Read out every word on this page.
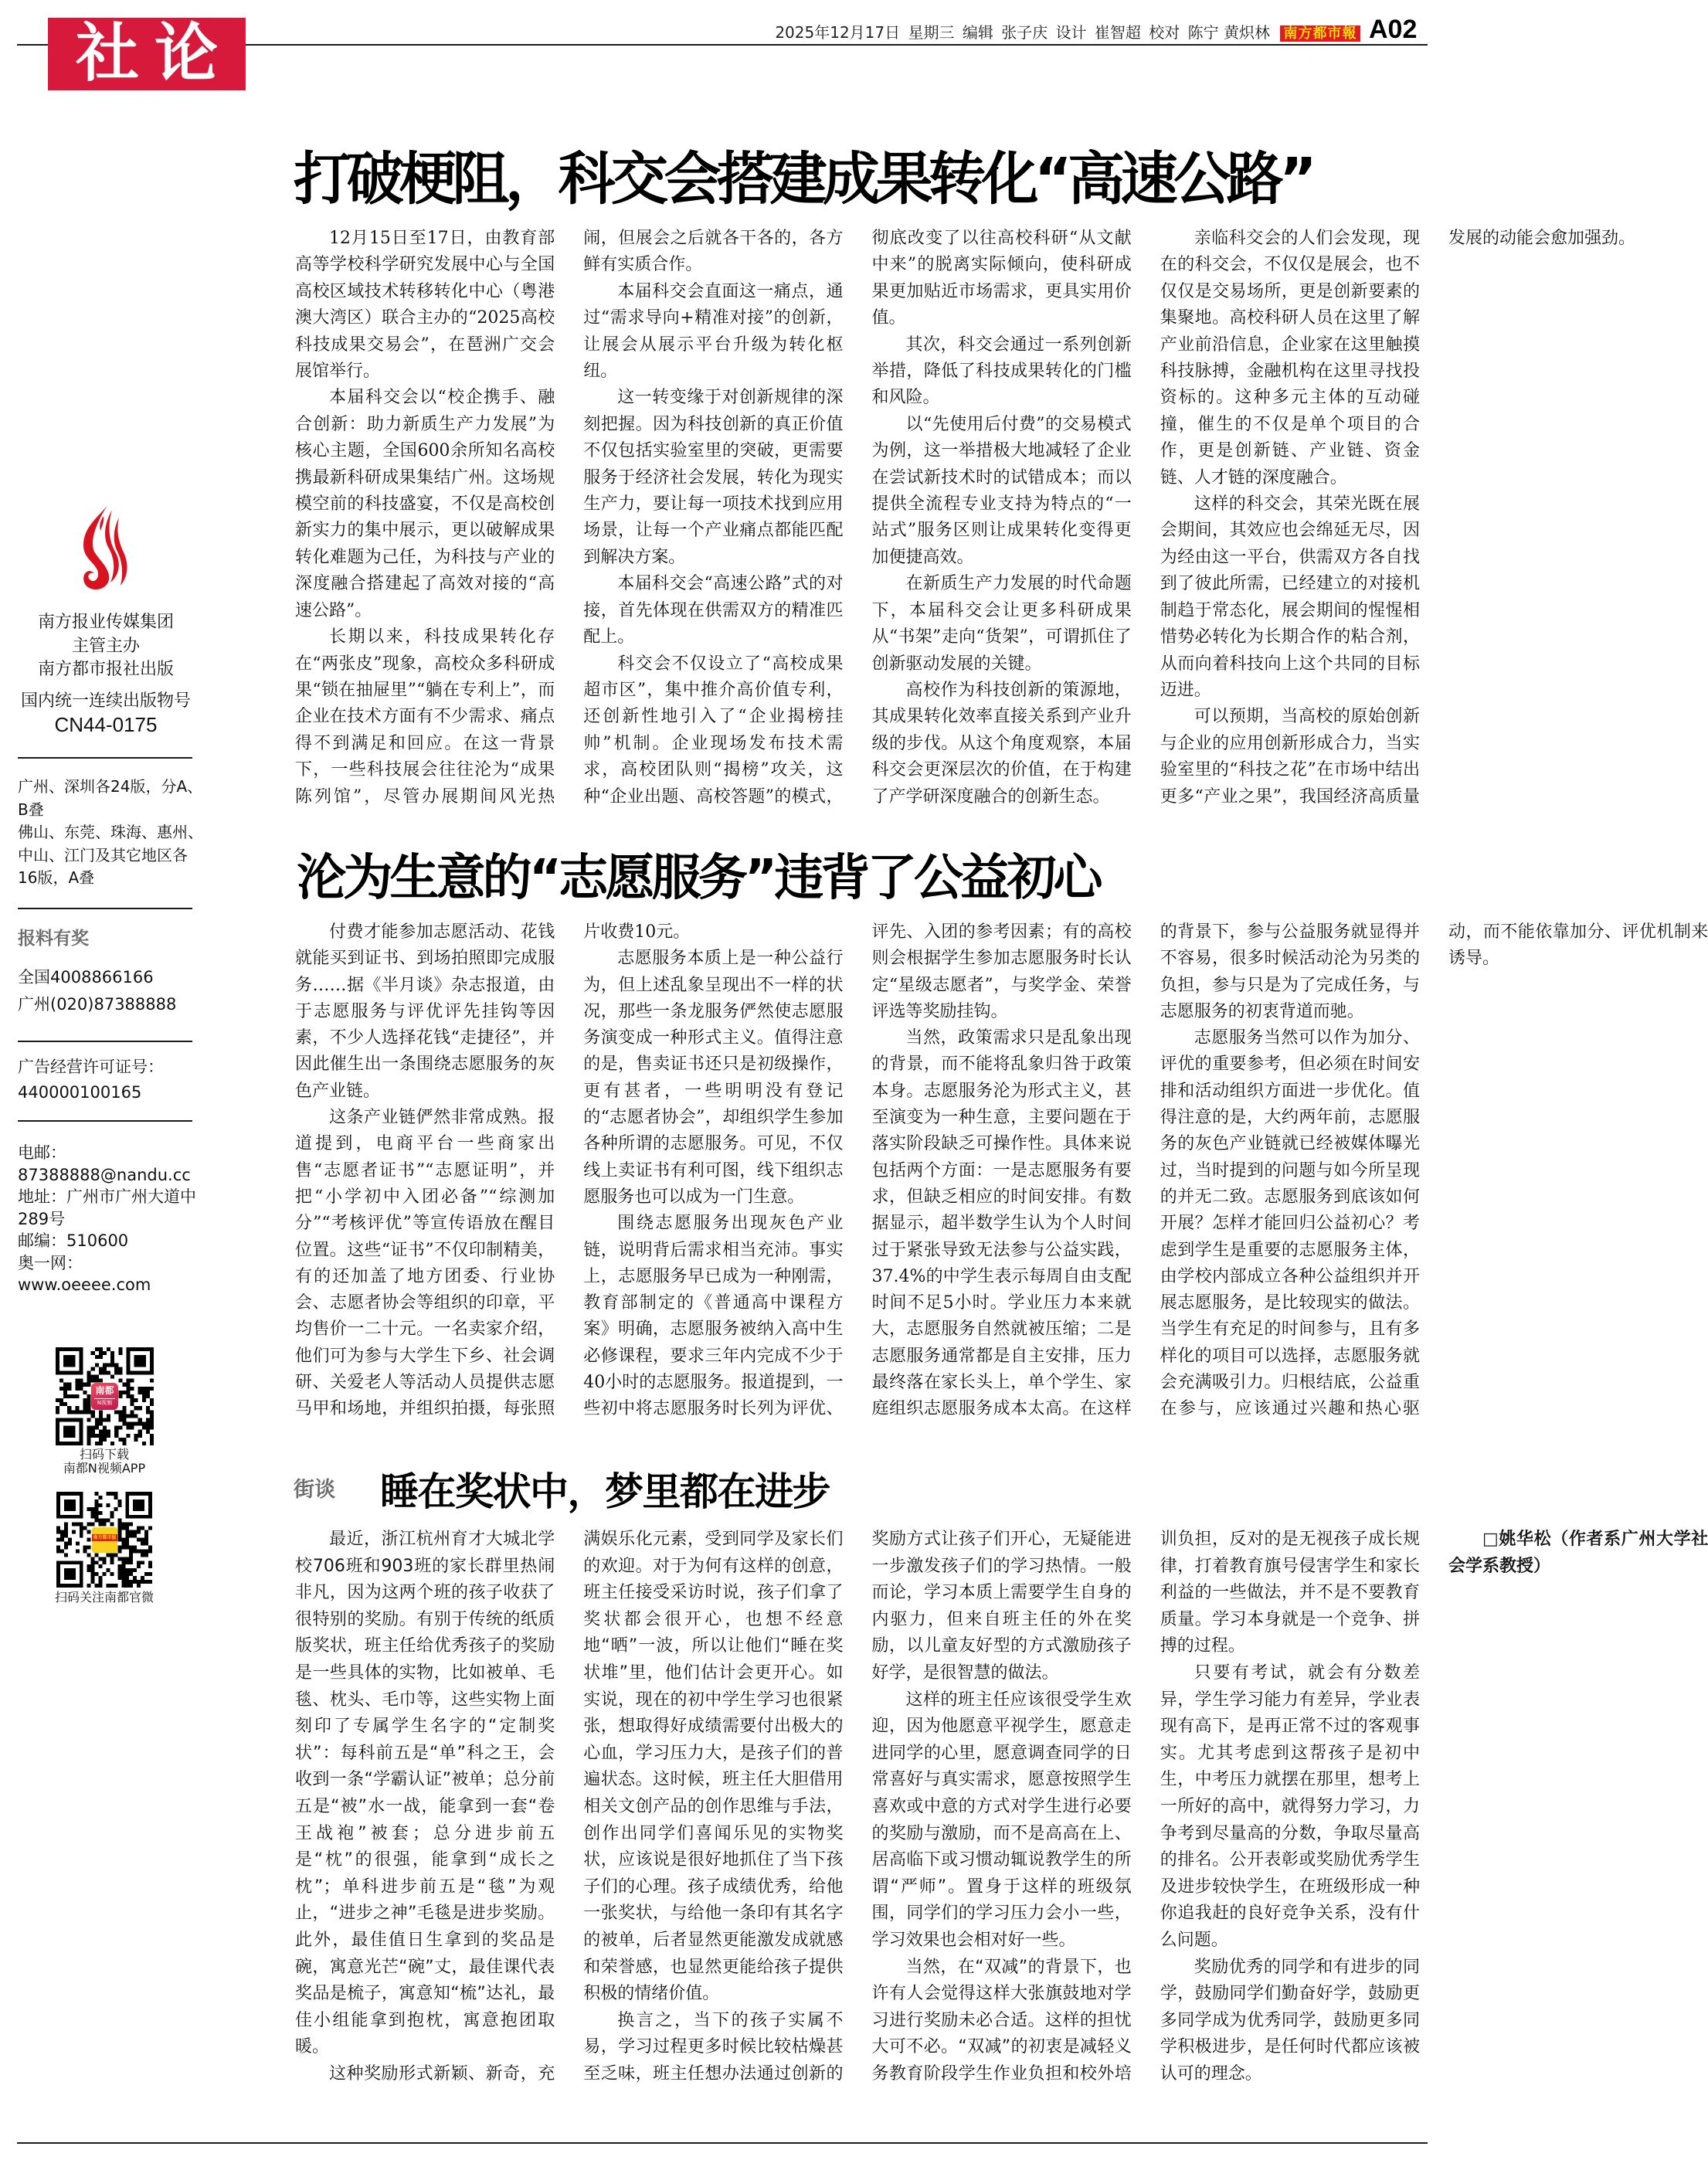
社论	2025年12月17日 星期三 编辑 张子庆 设计 崔智超 校对 陈宁 黄炽林 南方都市報 A02
南方报业传媒集团
主管主办
南方都市报社出版
国内统一连续出版物号
CN44-0175
广州、深圳各24版，分A、B叠
佛山、东莞、珠海、惠州、中山、江门及其它地区各16版，A叠
报料有奖
全国4008866166
广州(020)87388888
广告经营许可证号：440000100165
电邮：87388888@nandu.cc
地址：广州市广州大道中289号
邮编：510600
奥一网：www.oeeee.com
南都
N视频
扫码下载
南都N视频APP
南方都市报
扫码关注南都官微
打破梗阻，科交会搭建成果转化“高速公路”

12月15日至17日，由教育部高等学校科学研究发展中心与全国高校区域技术转移转化中心（粤港澳大湾区）联合主办的“2025高校科技成果交易会”，在琶洲广交会展馆举行。

本届科交会以“校企携手、融合创新：助力新质生产力发展”为核心主题，全国600余所知名高校携最新科研成果集结广州。这场规模空前的科技盛宴，不仅是高校创新实力的集中展示，更以破解成果转化难题为己任，为科技与产业的深度融合搭建起了高效对接的“高速公路”。

长期以来，科技成果转化存在“两张皮”现象，高校众多科研成果“锁在抽屉里”“躺在专利上”，而企业在技术方面有不少需求、痛点得不到满足和回应。在这一背景下，一些科技展会往往沦为“成果陈列馆”，尽管办展期间风光热闹，但展会之后就各干各的，各方鲜有实质合作。

本届科交会直面这一痛点，通过“需求导向+精准对接”的创新，让展会从展示平台升级为转化枢纽。

这一转变缘于对创新规律的深刻把握。因为科技创新的真正价值不仅包括实验室里的突破，更需要服务于经济社会发展，转化为现实生产力，要让每一项技术找到应用场景，让每一个产业痛点都能匹配到解决方案。

本届科交会“高速公路”式的对接，首先体现在供需双方的精准匹配上。

科交会不仅设立了“高校成果超市区”，集中推介高价值专利，还创新性地引入了“企业揭榜挂帅”机制。企业现场发布技术需求，高校团队则“揭榜”攻关，这种“企业出题、高校答题”的模式，彻底改变了以往高校科研“从文献中来”的脱离实际倾向，使科研成果更加贴近市场需求，更具实用价值。

其次，科交会通过一系列创新举措，降低了科技成果转化的门槛和风险。

以“先使用后付费”的交易模式为例，这一举措极大地减轻了企业在尝试新技术时的试错成本；而以提供全流程专业支持为特点的“一站式”服务区则让成果转化变得更加便捷高效。

在新质生产力发展的时代命题下，本届科交会让更多科研成果从“书架”走向“货架”，可谓抓住了创新驱动发展的关键。

高校作为科技创新的策源地，其成果转化效率直接关系到产业升级的步伐。从这个角度观察，本届科交会更深层次的价值，在于构建了产学研深度融合的创新生态。

亲临科交会的人们会发现，现在的科交会，不仅仅是展会，也不仅仅是交易场所，更是创新要素的集聚地。高校科研人员在这里了解产业前沿信息，企业家在这里触摸科技脉搏，金融机构在这里寻找投资标的。这种多元主体的互动碰撞，催生的不仅是单个项目的合作，更是创新链、产业链、资金链、人才链的深度融合。

这样的科交会，其荣光既在展会期间，其效应也会绵延无尽，因为经由这一平台，供需双方各自找到了彼此所需，已经建立的对接机制趋于常态化，展会期间的惺惺相惜势必转化为长期合作的粘合剂，从而向着科技向上这个共同的目标迈进。

可以预期，当高校的原始创新与企业的应用创新形成合力，当实验室里的“科技之花”在市场中结出更多“产业之果”，我国经济高质量发展的动能会愈加强劲。

沦为生意的“志愿服务”违背了公益初心

付费才能参加志愿活动、花钱就能买到证书、到场拍照即完成服务……据《半月谈》杂志报道，由于志愿服务与评优评先挂钩等因素，不少人选择花钱“走捷径”，并因此催生出一条围绕志愿服务的灰色产业链。

这条产业链俨然非常成熟。报道提到，电商平台一些商家出售“志愿者证书”“志愿证明”，并把“小学初中入团必备”“综测加分”“考核评优”等宣传语放在醒目位置。这些“证书”不仅印制精美，有的还加盖了地方团委、行业协会、志愿者协会等组织的印章，平均售价一二十元。一名卖家介绍，他们可为参与大学生下乡、社会调研、关爱老人等活动人员提供志愿马甲和场地，并组织拍摄，每张照片收费10元。

志愿服务本质上是一种公益行为，但上述乱象呈现出不一样的状况，那些一条龙服务俨然使志愿服务演变成一种形式主义。值得注意的是，售卖证书还只是初级操作，更有甚者，一些明明没有登记的“志愿者协会”，却组织学生参加各种所谓的志愿服务。可见，不仅线上卖证书有利可图，线下组织志愿服务也可以成为一门生意。

围绕志愿服务出现灰色产业链，说明背后需求相当充沛。事实上，志愿服务早已成为一种刚需，教育部制定的《普通高中课程方案》明确，志愿服务被纳入高中生必修课程，要求三年内完成不少于40小时的志愿服务。报道提到，一些初中将志愿服务时长列为评优、评先、入团的参考因素；有的高校则会根据学生参加志愿服务时长认定“星级志愿者”，与奖学金、荣誉评选等奖励挂钩。

当然，政策需求只是乱象出现的背景，而不能将乱象归咎于政策本身。志愿服务沦为形式主义，甚至演变为一种生意，主要问题在于落实阶段缺乏可操作性。具体来说包括两个方面：一是志愿服务有要求，但缺乏相应的时间安排。有数据显示，超半数学生认为个人时间过于紧张导致无法参与公益实践，37.4%的中学生表示每周自由支配时间不足5小时。学业压力本来就大，志愿服务自然就被压缩；二是志愿服务通常都是自主安排，压力最终落在家长头上，单个学生、家庭组织志愿服务成本太高。在这样的背景下，参与公益服务就显得并不容易，很多时候活动沦为另类的负担，参与只是为了完成任务，与志愿服务的初衷背道而驰。

志愿服务当然可以作为加分、评优的重要参考，但必须在时间安排和活动组织方面进一步优化。值得注意的是，大约两年前，志愿服务的灰色产业链就已经被媒体曝光过，当时提到的问题与如今所呈现的并无二致。志愿服务到底该如何开展？怎样才能回归公益初心？考虑到学生是重要的志愿服务主体，由学校内部成立各种公益组织并开展志愿服务，是比较现实的做法。当学生有充足的时间参与，且有多样化的项目可以选择，志愿服务就会充满吸引力。归根结底，公益重在参与，应该通过兴趣和热心驱动，而不能依靠加分、评优机制来诱导。

街谈 睡在奖状中，梦里都在进步

最近，浙江杭州育才大城北学校706班和903班的家长群里热闹非凡，因为这两个班的孩子收获了很特别的奖励。有别于传统的纸质版奖状，班主任给优秀孩子的奖励是一些具体的实物，比如被单、毛毯、枕头、毛巾等，这些实物上面刻印了专属学生名字的“定制奖状”：每科前五是“单”科之王，会收到一条“学霸认证”被单；总分前五是“被”水一战，能拿到一套“卷王战袍”被套；总分进步前五是“枕”的很强，能拿到“成长之枕”；单科进步前五是“毯”为观止，“进步之神”毛毯是进步奖励。此外，最佳值日生拿到的奖品是碗，寓意光芒“碗”丈，最佳课代表奖品是梳子，寓意知“梳”达礼，最佳小组能拿到抱枕，寓意抱团取暖。

这种奖励形式新颖、新奇，充满娱乐化元素，受到同学及家长们的欢迎。对于为何有这样的创意，班主任接受采访时说，孩子们拿了奖状都会很开心，也想不经意地“晒”一波，所以让他们“睡在奖状堆”里，他们估计会更开心。如实说，现在的初中学生学习也很紧张，想取得好成绩需要付出极大的心血，学习压力大，是孩子们的普遍状态。这时候，班主任大胆借用相关文创产品的创作思维与手法，创作出同学们喜闻乐见的实物奖状，应该说是很好地抓住了当下孩子们的心理。孩子成绩优秀，给他一张奖状，与给他一条印有其名字的被单，后者显然更能激发成就感和荣誉感，也显然更能给孩子提供积极的情绪价值。

换言之，当下的孩子实属不易，学习过程更多时候比较枯燥甚至乏味，班主任想办法通过创新的奖励方式让孩子们开心，无疑能进一步激发孩子们的学习热情。一般而论，学习本质上需要学生自身的内驱力，但来自班主任的外在奖励，以儿童友好型的方式激励孩子好学，是很智慧的做法。

这样的班主任应该很受学生欢迎，因为他愿意平视学生，愿意走进同学的心里，愿意调查同学的日常喜好与真实需求，愿意按照学生喜欢或中意的方式对学生进行必要的奖励与激励，而不是高高在上、居高临下或习惯动辄说教学生的所谓“严师”。置身于这样的班级氛围，同学们的学习压力会小一些，学习效果也会相对好一些。

当然，在“双减”的背景下，也许有人会觉得这样大张旗鼓地对学习进行奖励未必合适。这样的担忧大可不必。“双减”的初衷是减轻义务教育阶段学生作业负担和校外培训负担，反对的是无视孩子成长规律，打着教育旗号侵害学生和家长利益的一些做法，并不是不要教育质量。学习本身就是一个竞争、拼搏的过程。

只要有考试，就会有分数差异，学生学习能力有差异，学业表现有高下，是再正常不过的客观事实。尤其考虑到这帮孩子是初中生，中考压力就摆在那里，想考上一所好的高中，就得努力学习，力争考到尽量高的分数，争取尽量高的排名。公开表彰或奖励优秀学生及进步较快学生，在班级形成一种你追我赶的良好竞争关系，没有什么问题。

奖励优秀的同学和有进步的同学，鼓励同学们勤奋好学，鼓励更多同学成为优秀同学，鼓励更多同学积极进步，是任何时代都应该被认可的理念。

□姚华松（作者系广州大学社会学系教授）
